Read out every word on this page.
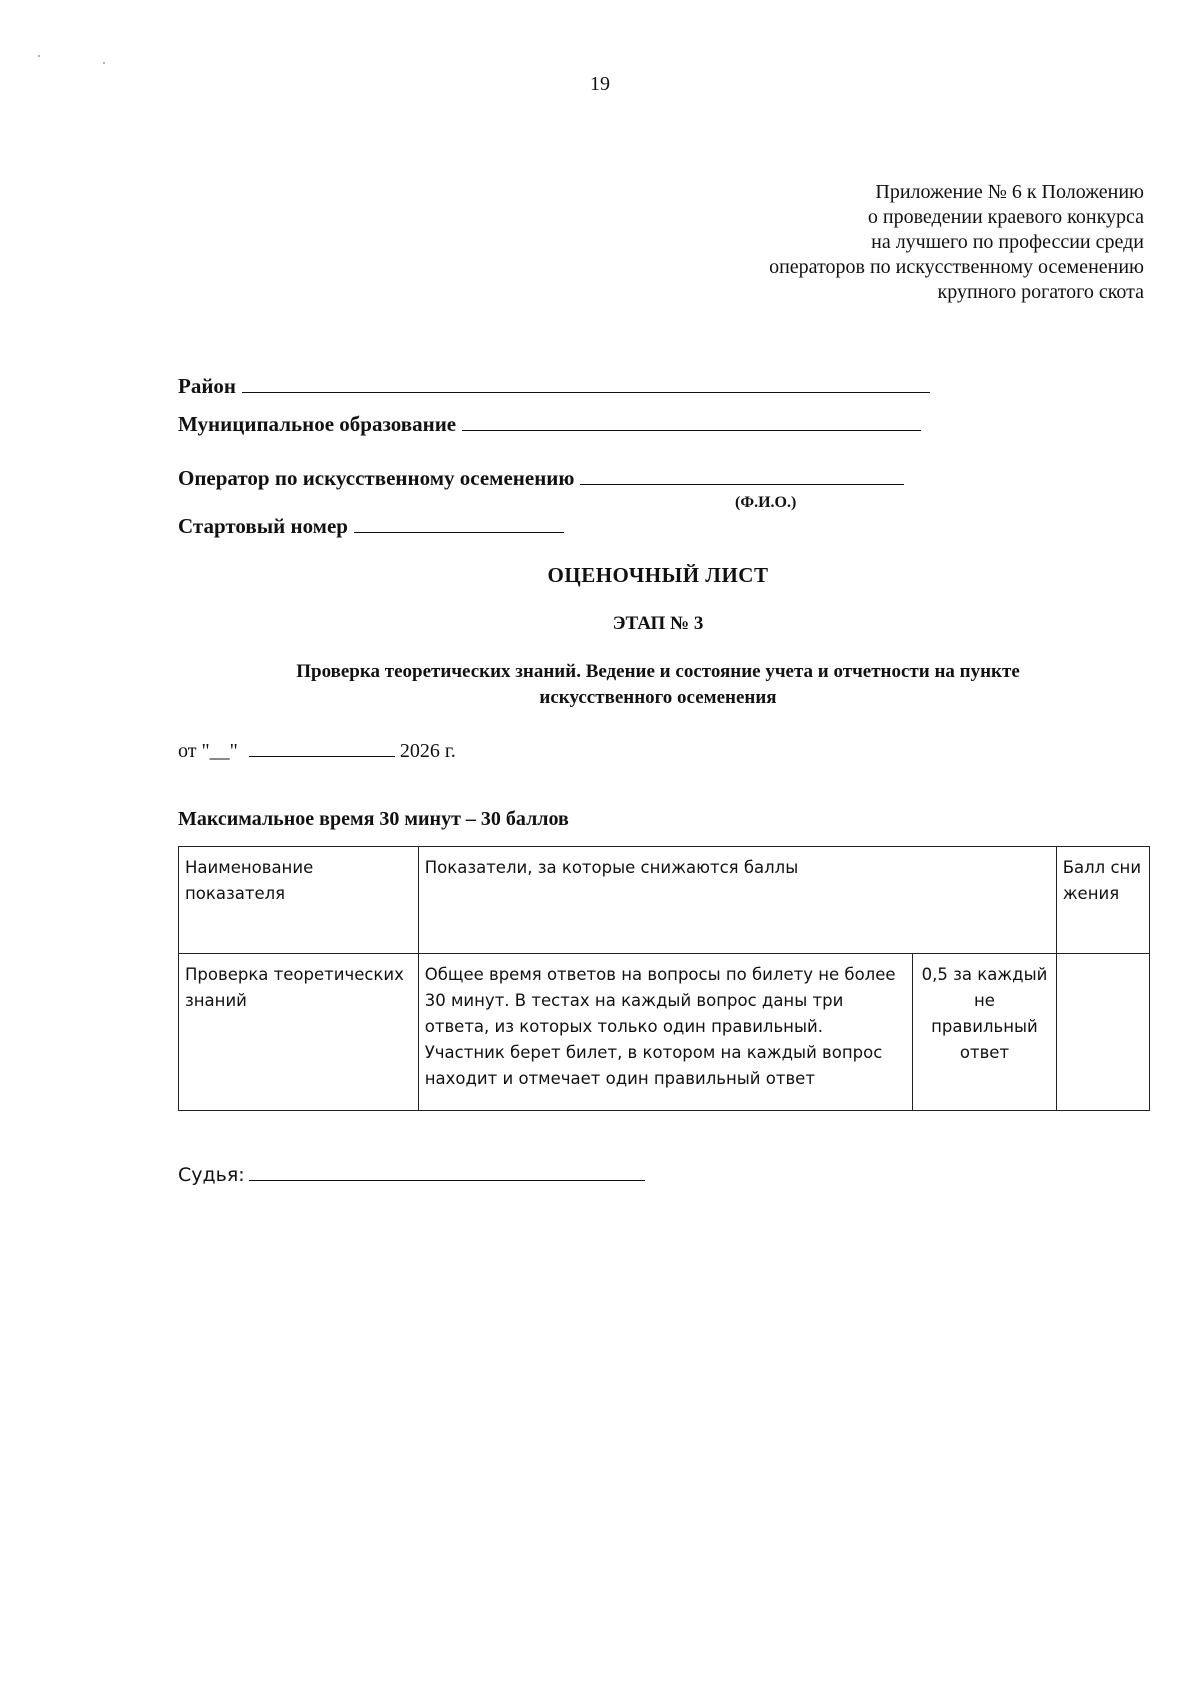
19
Приложение № 6 к Положению
о проведении краевого конкурса
на лучшего по профессии среди
операторов по искусственному осеменению
крупного рогатого скота
Район
Муниципальное образование
Оператор по искусственному осеменению
(Ф.И.О.)
Стартовый номер
ОЦЕНОЧНЫЙ ЛИСТ
ЭТАП № 3
Проверка теоретических знаний. Ведение и состояние учета и отчетности на пункте
искусственного осеменения
от "__"	2026 г.
Максимальное время 30 минут – 30 баллов
Наименование показателя	Показатели, за которые снижаются баллы		Балл снижения
Проверка теоретических знаний	Общее время ответов на вопросы по билету не более 30 минут. В тестах на каждый вопрос даны три ответа, из которых только один правильный. Участник берет билет, в котором на каждый вопрос находит и отмечает один правильный ответ	0,5 за каждый не правильный ответ	
Судья:
